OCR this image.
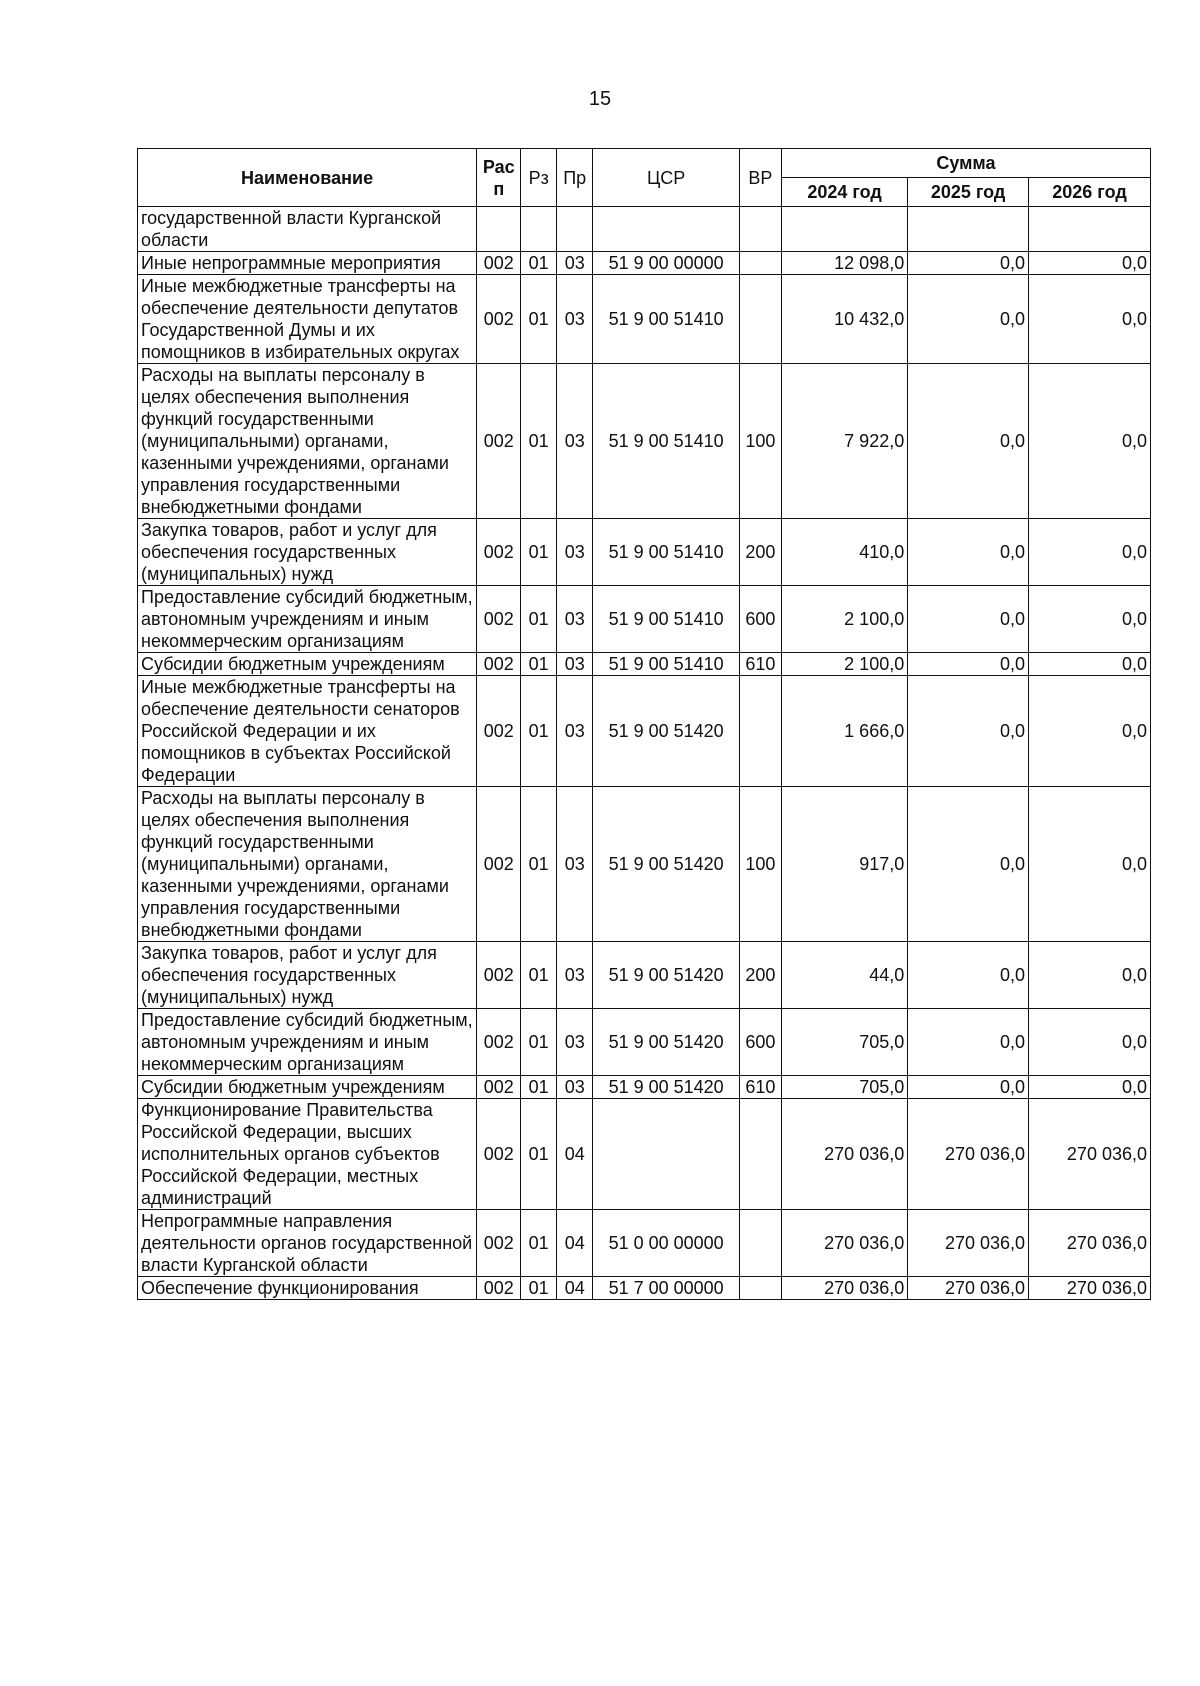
15
Наименование	Рас п	Рз	Пр	ЦСР	ВР	Сумма		
						2024 год	2025 год	2026 год
государственной власти Курганской области								
Иные непрограммные мероприятия	002	01	03	51 9 00 00000		12 098,0	0,0	0,0
Иные межбюджетные трансферты на обеспечение деятельности депутатов Государственной Думы и их помощников в избирательных округах	002	01	03	51 9 00 51410		10 432,0	0,0	0,0
Расходы на выплаты персоналу в целях обеспечения выполнения функций государственными (муниципальными) органами, казенными учреждениями, органами управления государственными внебюджетными фондами	002	01	03	51 9 00 51410	100	7 922,0	0,0	0,0
Закупка товаров, работ и услуг для обеспечения государственных (муниципальных) нужд	002	01	03	51 9 00 51410	200	410,0	0,0	0,0
Предоставление субсидий бюджетным, автономным учреждениям и иным некоммерческим организациям	002	01	03	51 9 00 51410	600	2 100,0	0,0	0,0
Субсидии бюджетным учреждениям	002	01	03	51 9 00 51410	610	2 100,0	0,0	0,0
Иные межбюджетные трансферты на обеспечение деятельности сенаторов Российской Федерации и их помощников в субъектах Российской Федерации	002	01	03	51 9 00 51420		1 666,0	0,0	0,0
Расходы на выплаты персоналу в целях обеспечения выполнения функций государственными (муниципальными) органами, казенными учреждениями, органами управления государственными внебюджетными фондами	002	01	03	51 9 00 51420	100	917,0	0,0	0,0
Закупка товаров, работ и услуг для обеспечения государственных (муниципальных) нужд	002	01	03	51 9 00 51420	200	44,0	0,0	0,0
Предоставление субсидий бюджетным, автономным учреждениям и иным некоммерческим организациям	002	01	03	51 9 00 51420	600	705,0	0,0	0,0
Субсидии бюджетным учреждениям	002	01	03	51 9 00 51420	610	705,0	0,0	0,0
Функционирование Правительства Российской Федерации, высших исполнительных органов субъектов Российской Федерации, местных администраций	002	01	04			270 036,0	270 036,0	270 036,0
Непрограммные направления деятельности органов государственной власти Курганской области	002	01	04	51 0 00 00000		270 036,0	270 036,0	270 036,0
Обеспечение функционирования	002	01	04	51 7 00 00000		270 036,0	270 036,0	270 036,0
